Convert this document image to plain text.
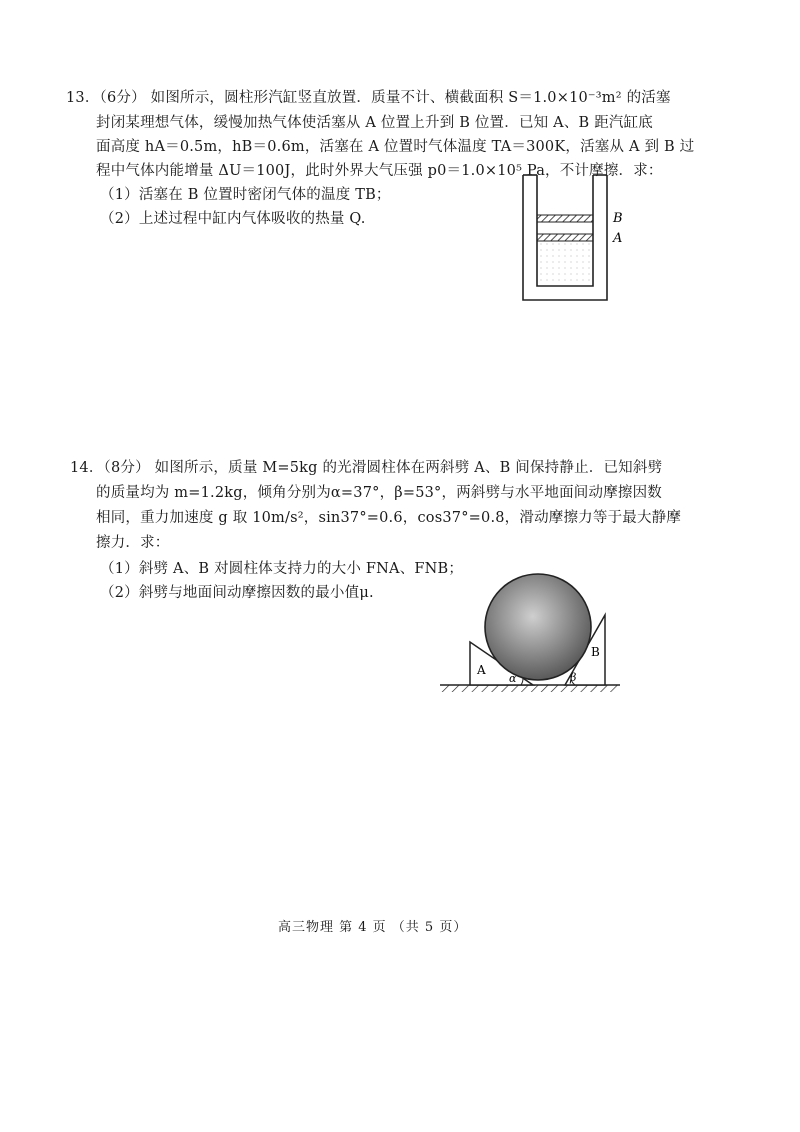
13．（6分） 如图所示，圆柱形汽缸竖直放置．质量不计、横截面积 S＝1.0×10⁻³m² 的活塞
封闭某理想气体，缓慢加热气体使活塞从 A 位置上升到 B 位置．已知 A、B 距汽缸底
面高度 hA＝0.5m，hB＝0.6m，活塞在 A 位置时气体温度 TA＝300K，活塞从 A 到 B 过
程中气体内能增量 ΔU＝100J，此时外界大气压强 p0＝1.0×10⁵ Pa，不计摩擦．求：
（1）活塞在 B 位置时密闭气体的温度 TB；
（2）上述过程中缸内气体吸收的热量 Q.	B
A
14．（8分） 如图所示，质量 M=5kg 的光滑圆柱体在两斜劈 A、B 间保持静止．已知斜劈
的质量均为 m=1.2kg，倾角分别为α=37°，β=53°，两斜劈与水平地面间动摩擦因数
相同，重力加速度 g 取 10m/s²，sin37°=0.6，cos37°=0.8，滑动摩擦力等于最大静摩
擦力．求：
（1）斜劈 A、B 对圆柱体支持力的大小 FNA、FNB；
（2）斜劈与地面间动摩擦因数的最小值μ.
A
B
α	β
高三物理 第 4 页 （共 5 页）
